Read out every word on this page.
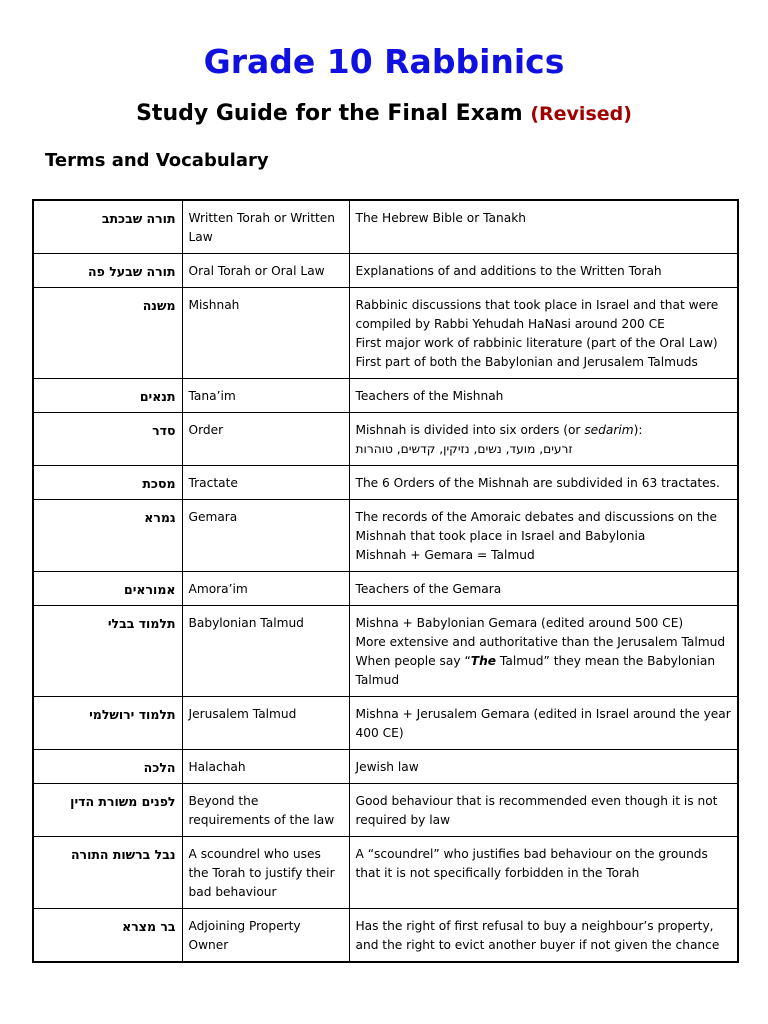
Grade 10 Rabbinics
Study Guide for the Final Exam (Revised)
Terms and Vocabulary
תורה שבכתב	Written Torah or Written Law	The Hebrew Bible or Tanakh

תורה שבעל פה	Oral Torah or Oral Law	Explanations of and additions to the Written Torah

משנה	Mishnah	Rabbinic discussions that took place in Israel and that were compiled by Rabbi Yehudah HaNasi around 200 CE
First major work of rabbinic literature (part of the Oral Law)
First part of both the Babylonian and Jerusalem Talmuds

תנאים	Tana’im	Teachers of the Mishnah

סדר	Order	Mishnah is divided into six orders (or sedarim):
זרעים, מועד, נשים, נזיקין, קדשים, טוהרות

מסכת	Tractate	The 6 Orders of the Mishnah are subdivided in 63 tractates.

גמרא	Gemara	The records of the Amoraic debates and discussions on the Mishnah that took place in Israel and Babylonia
Mishnah + Gemara = Talmud

אמוראים	Amora’im	Teachers of the Gemara

תלמוד בבלי	Babylonian Talmud	Mishna + Babylonian Gemara (edited around 500 CE)
More extensive and authoritative than the Jerusalem Talmud
When people say “The Talmud” they mean the Babylonian Talmud

תלמוד ירושלמי	Jerusalem Talmud	Mishna + Jerusalem Gemara (edited in Israel around the year 400 CE)

הלכה	Halachah	Jewish law

לפנים משורת הדין	Beyond the requirements of the law	Good behaviour that is recommended even though it is not required by law

נבל ברשות התורה	A scoundrel who uses the Torah to justify their bad behaviour	A “scoundrel” who justifies bad behaviour on the grounds that it is not specifically forbidden in the Torah

בר מצרא	Adjoining Property Owner	Has the right of first refusal to buy a neighbour’s property, and the right to evict another buyer if not given the chance
